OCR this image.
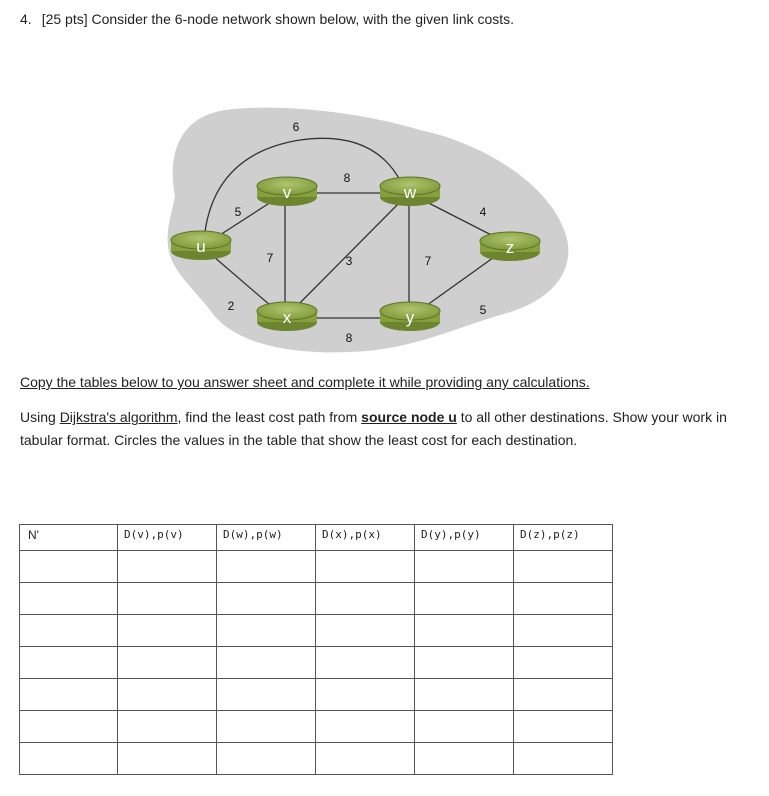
4. [25 pts] Consider the 6-node network shown below, with the given link costs.
6
8
5	4
7	3	7
2	5
8
u
v	w
z
x	y
Copy the tables below to you answer sheet and complete it while providing any calculations.
Using Dijkstra's algorithm, find the least cost path from source node u to all other destinations. Show your work in tabular format. Circles the values in the table that show the least cost for each destination.
N'	D(v),p(v)	D(w),p(w)	D(x),p(x)	D(y),p(y)	D(z),p(z)
